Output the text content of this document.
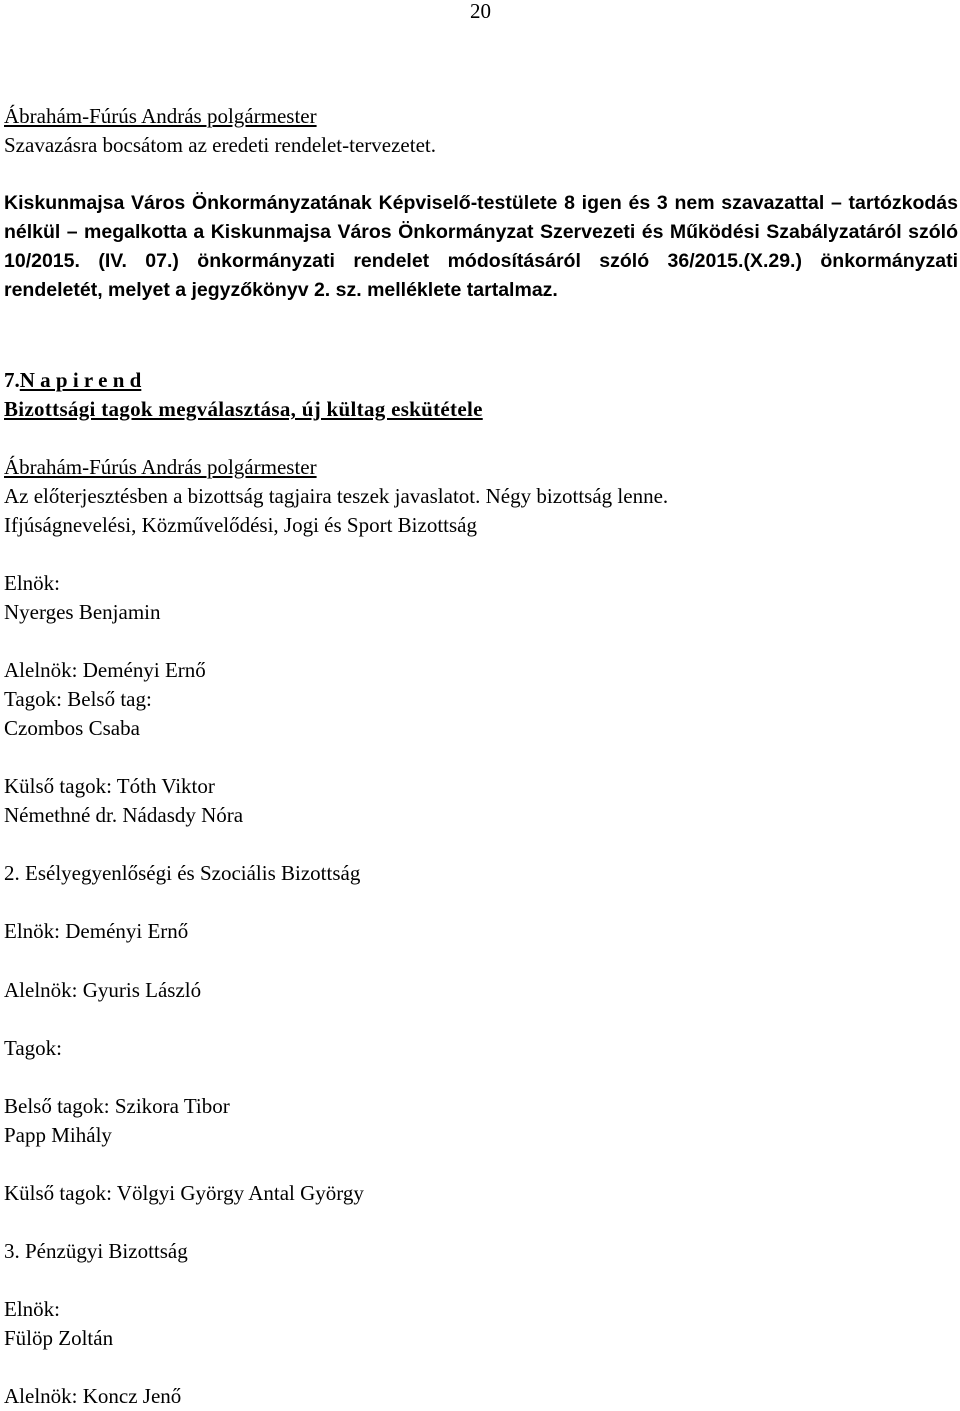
20
Ábrahám-Fúrús András polgármester
Szavazásra bocsátom az eredeti rendelet-tervezetet.
Kiskunmajsa Város Önkormányzatának Képviselő-testülete 8 igen és 3 nem szavazattal – tartózkodás nélkül – megalkotta a Kiskunmajsa Város Önkormányzat Szervezeti és Működési Szabályzatáról szóló 10/2015. (IV. 07.) önkormányzati rendelet módosításáról szóló 36/2015.(X.29.) önkormányzati rendeletét, melyet a jegyzőkönyv 2. sz. melléklete tartalmaz.
7.N a p i r e n d
Bizottsági tagok megválasztása, új kültag eskütétele
Ábrahám-Fúrús András polgármester
Az előterjesztésben a bizottság tagjaira teszek javaslatot. Négy bizottság lenne.
Ifjúságnevelési, Közművelődési, Jogi és Sport Bizottság
Elnök:
Nyerges Benjamin
Alelnök: Deményi Ernő
Tagok: Belső tag:
Czombos Csaba
Külső tagok: Tóth Viktor
Némethné dr. Nádasdy Nóra
2. Esélyegyenlőségi és Szociális Bizottság
Elnök: Deményi Ernő
Alelnök: Gyuris László
Tagok:
Belső tagok: Szikora Tibor
Papp Mihály
Külső tagok: Völgyi György Antal György
3. Pénzügyi Bizottság
Elnök:
Fülöp Zoltán
Alelnök: Koncz Jenő
